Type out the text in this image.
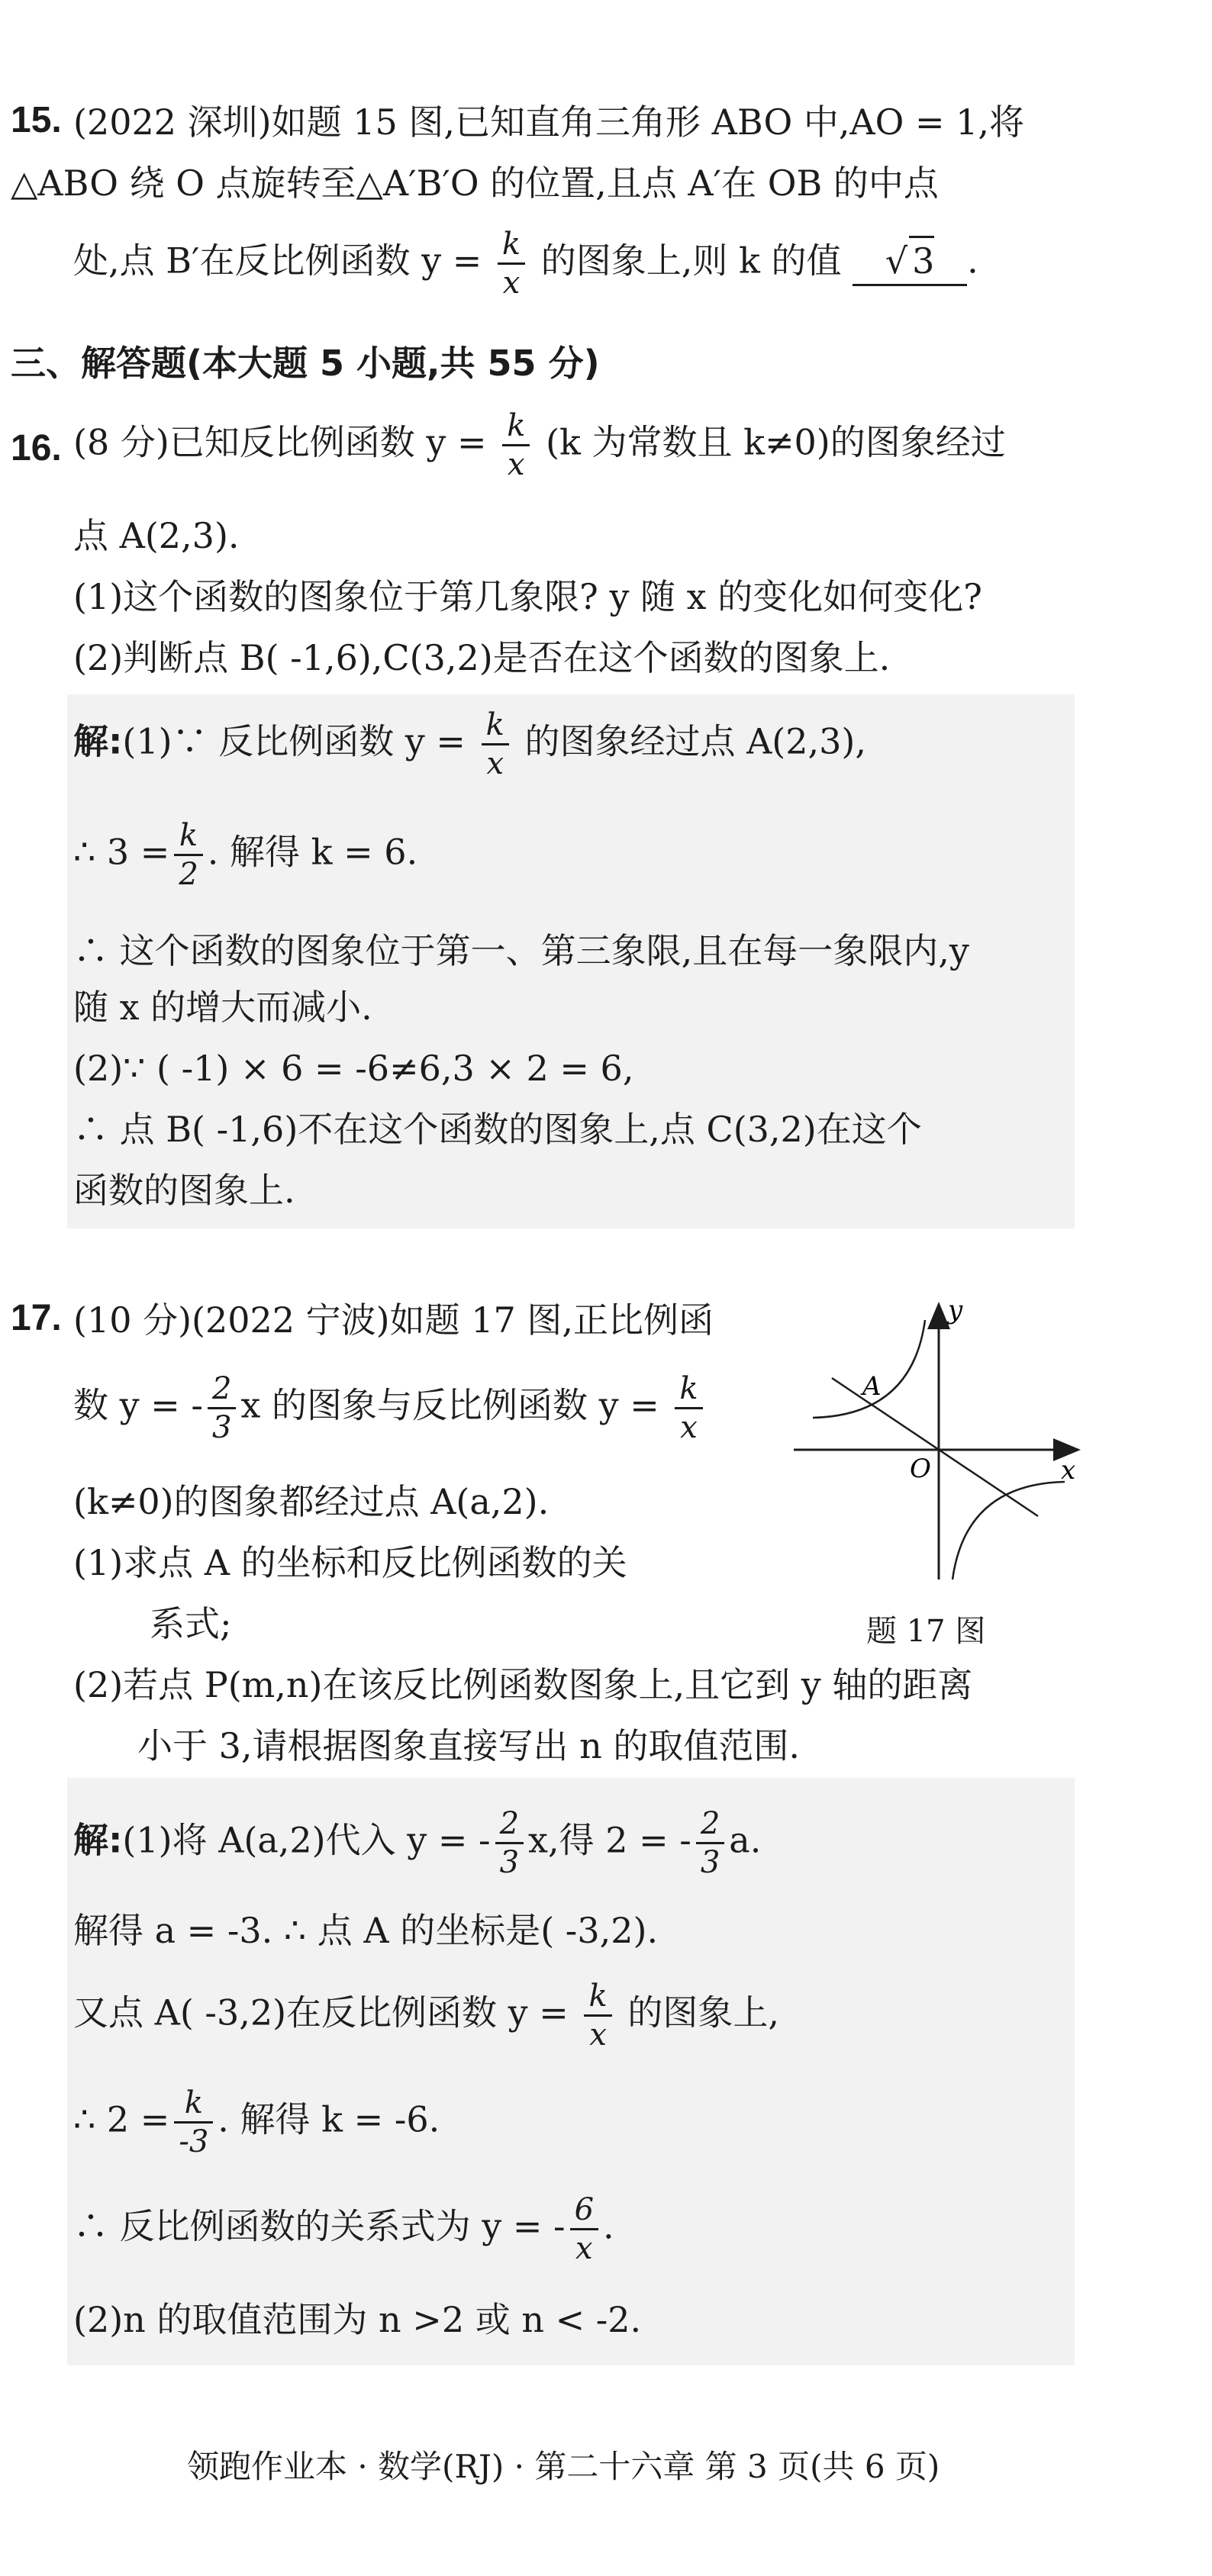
15. (2022 深圳)如题 15 图,已知直角三角形 ABO 中,AO = 1,将
△ABO 绕 O 点旋转至△A′B′O 的位置,且点 A′在 OB 的中点
处,点 B′在反比例函数 $y = \frac{k}{x}$ 的图象上,则 k 的值 √ 3 .
三、解答题(本大题 5 小题,共 55 分)
16. (8 分)已知反比例函数 $y = \frac{k}{x} (k$ 为常数且 k≠0)的图象经过
点 A(2,3).
(1)这个函数的图象位于第几象限? y 随 x 的变化如何变化?
(2)判断点 B( -1,6),C(3,2)是否在这个函数的图象上.
解:(1)∵ 反比例函数 $y = \frac{k}{x}$ 的图象经过点 A(2,3),
∴ $3 = \frac{k}{2}$ . 解得 k = 6.
∴ 这个函数的图象位于第一、第三象限,且在每一象限内,y
随 x 的增大而减小.
(2)∵ ( -1) × 6 = -6≠6,3 × 2 = 6,
∴ 点 B( -1,6)不在这个函数的图象上,点 C(3,2)在这个
函数的图象上.
17. (10 分)(2022 宁波)如题 17 图,正比例函
数 y = - $\frac{2}{3}$ x 的图象与反比例函数 $y = \frac{k}{x}$
(k≠0)的图象都经过点 A(a,2).
(1)求点 A 的坐标和反比例函数的关
系式;
(2)若点 P(m,n)在该反比例函数图象上,且它到 y 轴的距离
小于 3,请根据图象直接写出 n 的取值范围.
y
x
O
A
题 17 图
解:(1)将 A(a,2)代入 y = - $\frac{2}{3} x$,得 2 = - $\frac{2}{3} a$.
解得 a = -3. ∴ 点 A 的坐标是( -3,2).
又点 A( -3,2)在反比例函数 $y = \frac{k}{x}$ 的图象上,
∴ $2 = \frac{k}{-3}$ . 解得 k = -6.
∴ 反比例函数的关系式为 y = - $\frac{6}{x}$ .
(2)n 的取值范围为 n >2 或 n < -2.
领跑作业本 · 数学(RJ) · 第二十六章 第 3 页(共 6 页)
